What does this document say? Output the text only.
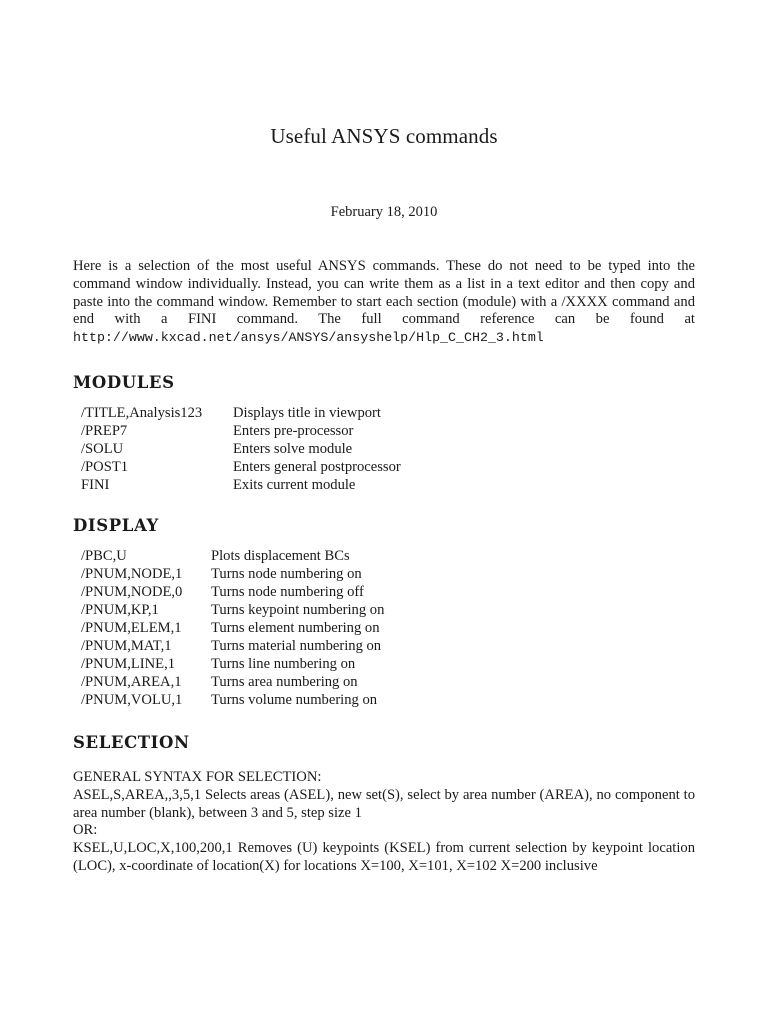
Useful ANSYS commands
February 18, 2010
Here is a selection of the most useful ANSYS commands. These do not need to be typed into the command window individually. Instead, you can write them as a list in a text editor and then copy and paste into the command window. Remember to start each section (module) with a /XXXX command and end with a FINI command. The full command reference can be found at http://www.kxcad.net/ansys/ANSYS/ansyshelp/Hlp_C_CH2_3.html
MODULES
/TITLE,Analysis123	Displays title in viewport
/PREP7	Enters pre-processor
/SOLU	Enters solve module
/POST1	Enters general postprocessor
FINI	Exits current module
DISPLAY
/PBC,U	Plots displacement BCs
/PNUM,NODE,1	Turns node numbering on
/PNUM,NODE,0	Turns node numbering off
/PNUM,KP,1	Turns keypoint numbering on
/PNUM,ELEM,1	Turns element numbering on
/PNUM,MAT,1	Turns material numbering on
/PNUM,LINE,1	Turns line numbering on
/PNUM,AREA,1	Turns area numbering on
/PNUM,VOLU,1	Turns volume numbering on
SELECTION

GENERAL SYNTAX FOR SELECTION:

ASEL,S,AREA,,3,5,1 Selects areas (ASEL), new set(S), select by area number (AREA), no component to area number (blank), between 3 and 5, step size 1

OR:

KSEL,U,LOC,X,100,200,1 Removes (U) keypoints (KSEL) from current selection by keypoint location (LOC), x-coordinate of location(X) for locations X=100, X=101, X=102 X=200 inclusive
